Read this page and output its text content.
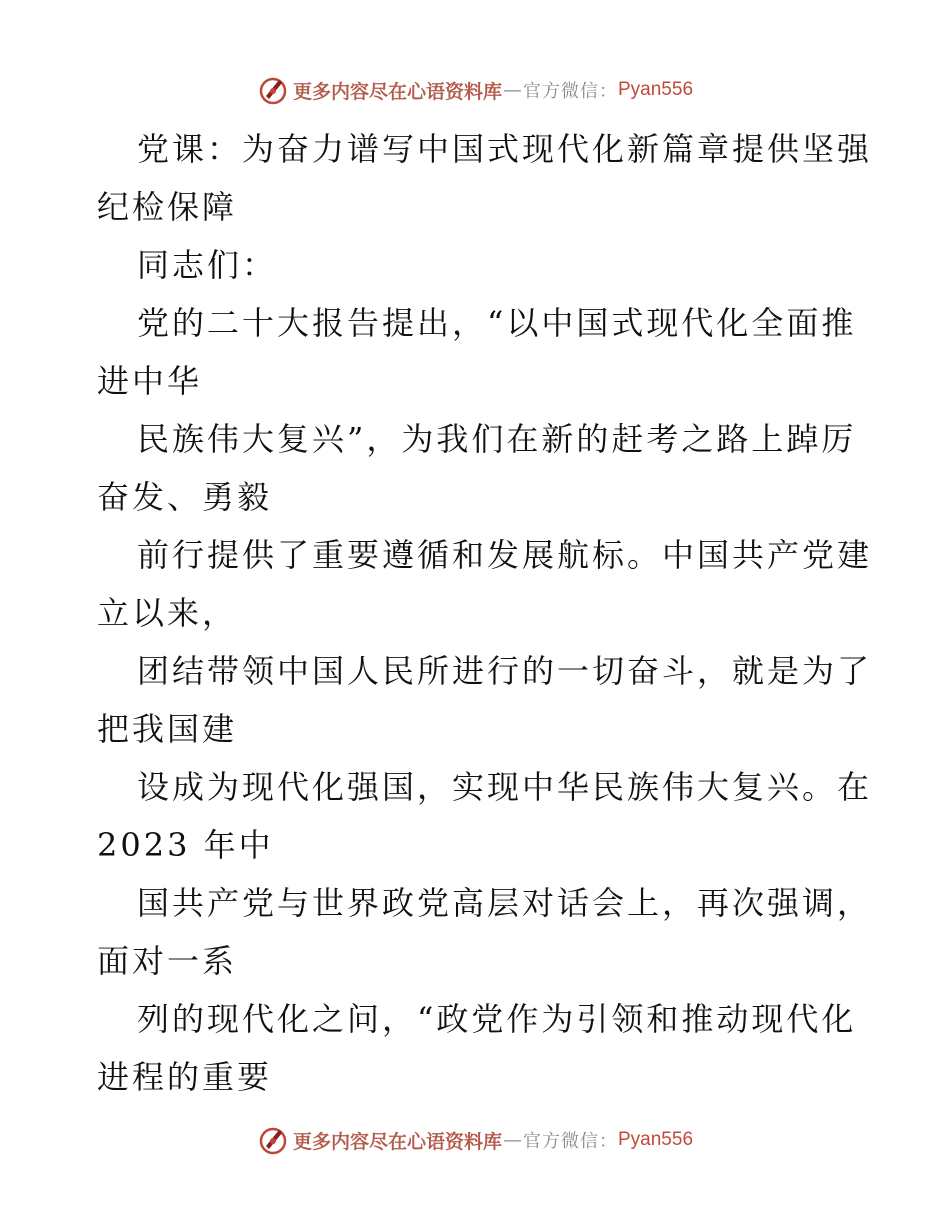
更多内容尽在心语资料库 — 官方微信： Pyan556
党课：为奋力谱写中国式现代化新篇章提供坚强
纪检保障
同志们：
党的二十大报告提出，“以中国式现代化全面推
进中华
民族伟大复兴”，为我们在新的赶考之路上踔厉
奋发、勇毅
前行提供了重要遵循和发展航标。中国共产党建
立以来，
团结带领中国人民所进行的一切奋斗，就是为了
把我国建
设成为现代化强国，实现中华民族伟大复兴。在
2023 年中
国共产党与世界政党高层对话会上，再次强调，
面对一系
列的现代化之问，“政党作为引领和推动现代化
进程的重要
更多内容尽在心语资料库 — 官方微信： Pyan556
